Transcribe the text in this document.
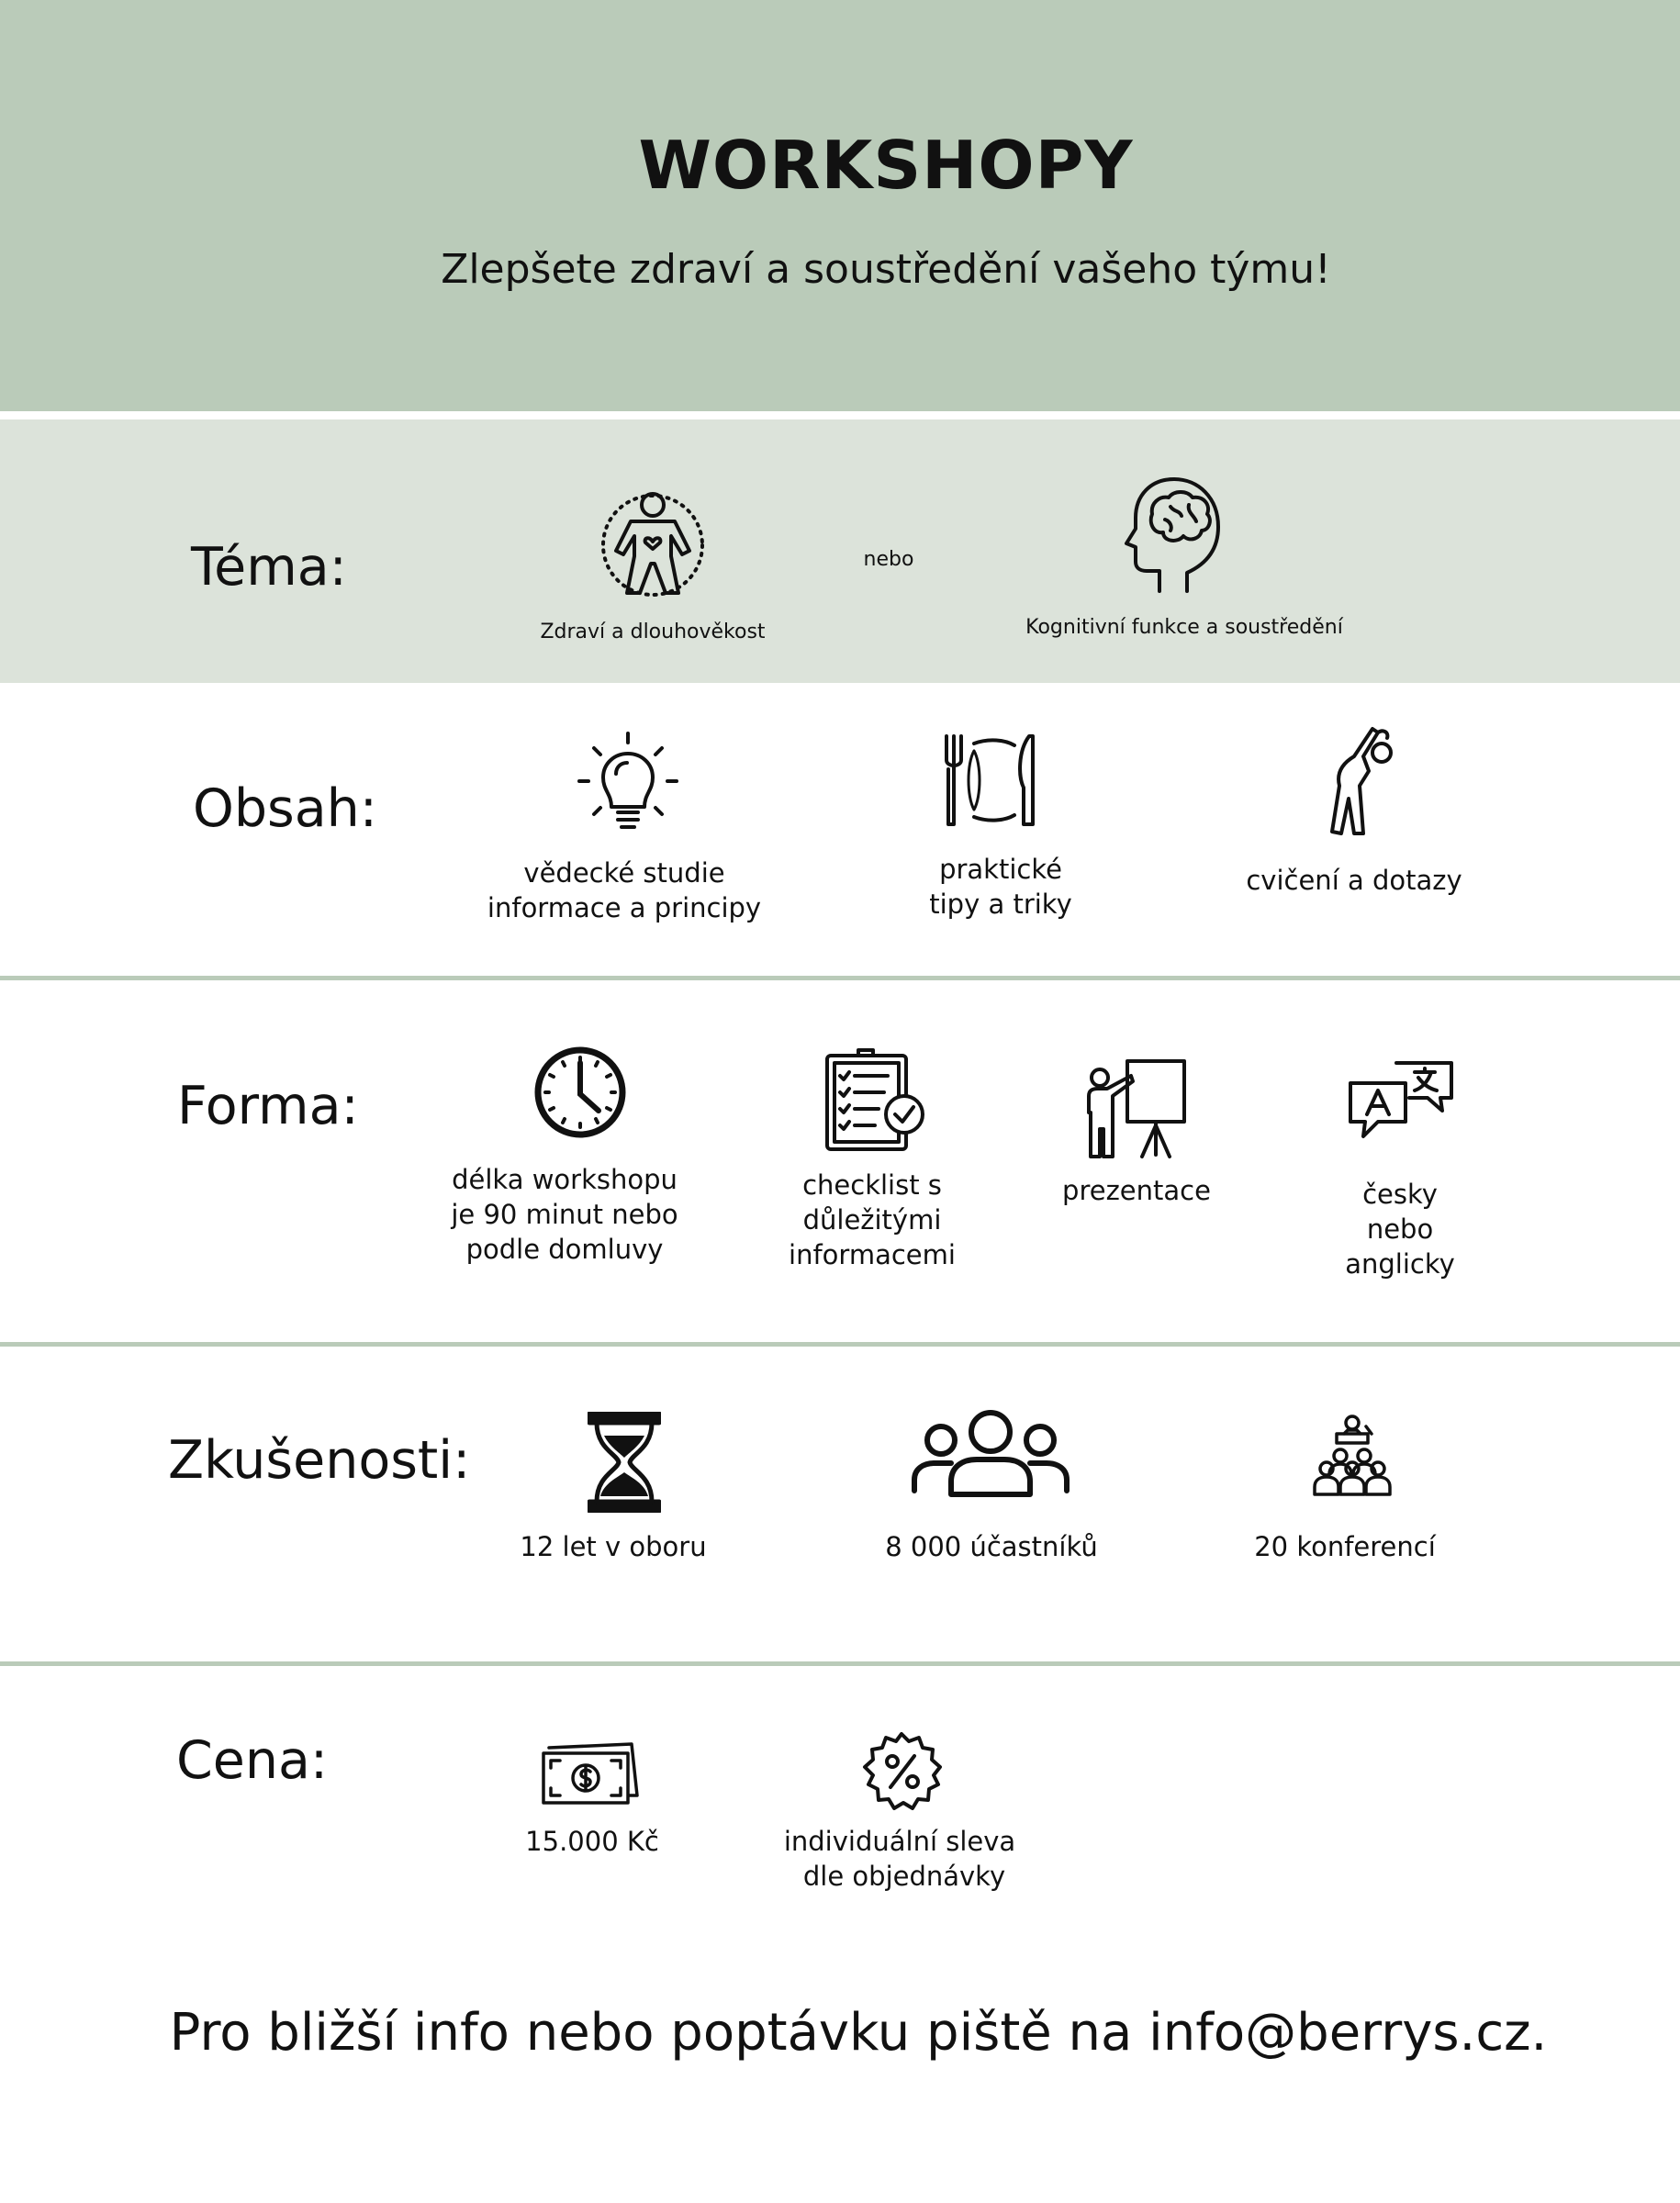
WORKSHOPY
Zlepšete zdraví a soustředění vašeho týmu!
Téma:
Zdraví a dlouhověkost
nebo
Kognitivní funkce a soustředění
Obsah:
vědecké studie
informace a principy
praktické
tipy a triky
cvičení a dotazy
Forma:
délka workshopu
je 90 minut nebo
podle domluvy
checklist s
důležitými
informacemi
prezentace	česky
nebo
anglicky
Zkušenosti:
12 let v oboru	8 000 účastníků	20 konferencí
Cena:
15.000 Kč	individuální sleva
dle objednávky
Pro bližší info nebo poptávku piště na info@berrys.cz.
